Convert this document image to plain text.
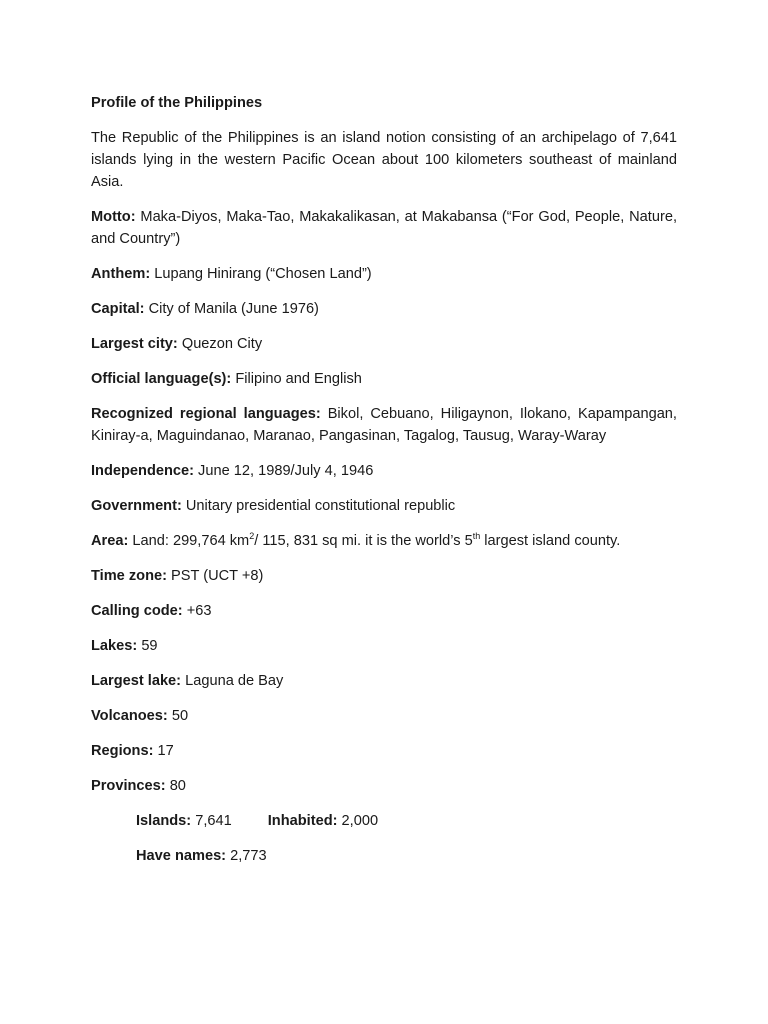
Profile of the Philippines
The Republic of the Philippines is an island notion consisting of an archipelago of 7,641 islands lying in the western Pacific Ocean about 100 kilometers southeast of mainland Asia.
Motto: Maka-Diyos, Maka-Tao, Makakalikasan, at Makabansa (“For God, People, Nature, and Country”)
Anthem: Lupang Hinirang (“Chosen Land”)
Capital: City of Manila (June 1976)
Largest city: Quezon City
Official language(s): Filipino and English
Recognized regional languages: Bikol, Cebuano, Hiligaynon, Ilokano, Kapampangan, Kiniray-a, Maguindanao, Maranao, Pangasinan, Tagalog, Tausug, Waray-Waray
Independence: June 12, 1989/July 4, 1946
Government: Unitary presidential constitutional republic
Area: Land: 299,764 $km^2/$ 115, 831 sq mi. it is the world’s 5th largest island county.
Time zone: PST (UCT +8)
Calling code: +63
Lakes: 59
Largest lake: Laguna de Bay
Volcanoes: 50
Regions: 17
Provinces: 80
Islands: 7,641 Inhabited: 2,000
Have names: 2,773
